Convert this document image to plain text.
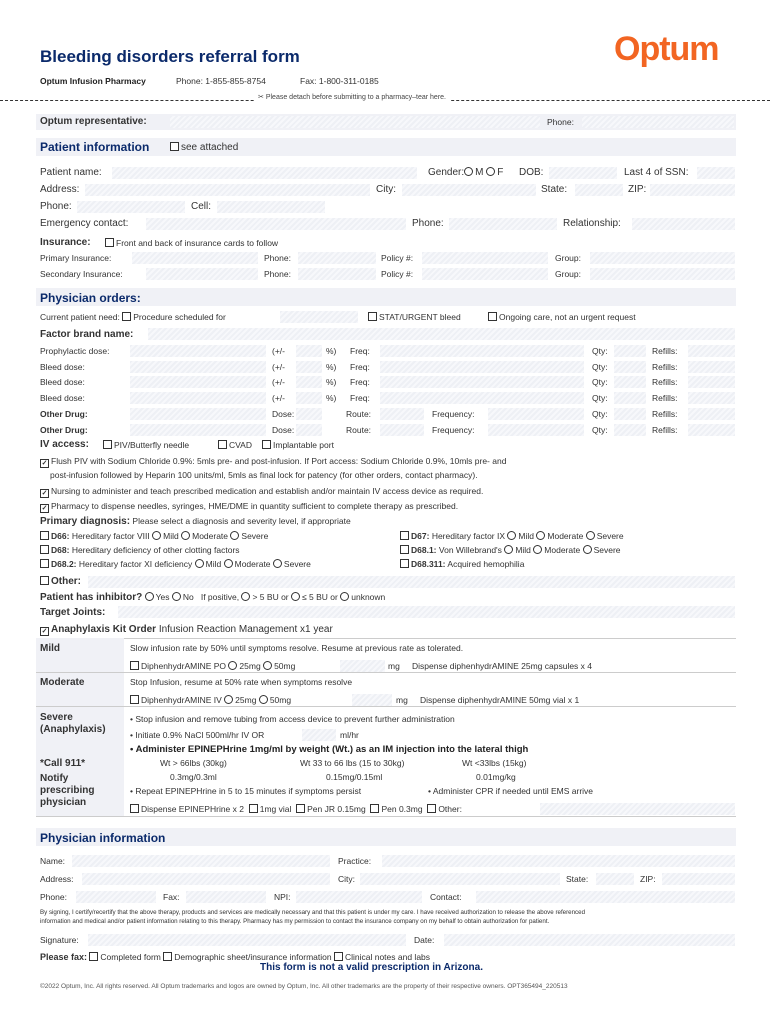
Bleeding disorders referral form	Optum
Optum Infusion Pharmacy	Phone: 1-855-855-8754	Fax: 1-800-311-0185
✂ Please detach before submitting to a pharmacy–tear here.
Optum representative:	Phone:
Patient information	see attached
Patient name:	Gender: M F DOB:	Last 4 of SSN:
Address:	City:	State:	ZIP:
Phone:	Cell:
Emergency contact:	Phone:	Relationship:
Insurance:	Front and back of insurance cards to follow
Primary Insurance:	Phone:	Policy #:	Group:
Secondary Insurance:	Phone:	Policy #:	Group:
Physician orders:
Current patient need: Procedure scheduled for	STAT/URGENT bleed	Ongoing care, not an urgent request
Factor brand name:
Prophylactic dose:	(+/-	%) Freq:	Qty:	Refills:
Bleed dose:	(+/-	%) Freq:	Qty:	Refills:
Bleed dose:	(+/-	%) Freq:	Qty:	Refills:
Bleed dose:	(+/-	%) Freq:	Qty:	Refills:
Other Drug:	Dose:	Route:	Frequency:	Qty:	Refills:
Other Drug:	Dose:	Route:	Frequency:	Qty:	Refills:
IV access:	PIV/Butterfly needle	CVAD	Implantable port
✓ Flush PIV with Sodium Chloride 0.9%: 5mls pre- and post-infusion. If Port access: Sodium Chloride 0.9%, 10mls pre- and
post-infusion followed by Heparin 100 units/ml, 5mls as final lock for patency (for other orders, contact pharmacy).
✓ Nursing to administer and teach prescribed medication and establish and/or maintain IV access device as required.
✓ Pharmacy to dispense needles, syringes, HME/DME in quantity sufficient to complete therapy as prescribed.
Primary diagnosis: Please select a diagnosis and severity level, if appropriate
D66: Hereditary factor VIII Mild Moderate Severe
D68: Hereditary deficiency of other clotting factors
D68.2: Hereditary factor XI deficiency Mild Moderate Severe
D67: Hereditary factor IX Mild Moderate Severe
D68.1: Von Willebrand's Mild Moderate Severe
D68.311: Acquired hemophilia
Other:
Patient has inhibitor? Yes No If positive, > 5 BU or ≤ 5 BU or unknown
Target Joints:
✓ Anaphylaxis Kit Order Infusion Reaction Management x1 year
Mild	Slow infusion rate by 50% until symptoms resolve. Resume at previous rate as tolerated.
DiphenhydrAMINE PO 25mg 50mg	mg Dispense diphenhydrAMINE 25mg capsules x 4
Moderate	Stop Infusion, resume at 50% rate when symptoms resolve
DiphenhydrAMINE IV 25mg 50mg	mg Dispense diphenhydrAMINE 50mg vial x 1
Severe
(Anaphylaxis)
*Call 911*
Notify
prescribing
physician
• Stop infusion and remove tubing from access device to prevent further administration
• Initiate 0.9% NaCl 500ml/hr IV OR	ml/hr
• Administer EPINEPHrine 1mg/ml by weight (Wt.) as an IM injection into the lateral thigh
Wt > 66lbs (30kg)	Wt 33 to 66 lbs (15 to 30kg)	Wt <33lbs (15kg)
0.3mg/0.3ml	0.15mg/0.15ml	0.01mg/kg
• Repeat EPINEPHrine in 5 to 15 minutes if symptoms persist	• Administer CPR if needed until EMS arrive
Dispense EPINEPHrine x 2 1mg vial Pen JR 0.15mg Pen 0.3mg Other:
Physician information
Name:	Practice:
Address:	City:	State:	ZIP:
Phone:	Fax:	NPI:	Contact:
By signing, I certify/recertify that the above therapy, products and services are medically necessary and that this patient is under my care. I have received authorization to release the above referenced
information and medical and/or patient information relating to this therapy. Pharmacy has my permission to contact the insurance company on my behalf to obtain authorization for patient.
Signature:	Date:
Please fax: Completed form Demographic sheet/insurance information Clinical notes and labs
This form is not a valid prescription in Arizona.
©2022 Optum, Inc. All rights reserved. All Optum trademarks and logos are owned by Optum, Inc. All other trademarks are the property of their respective owners. OPT365494_220513
